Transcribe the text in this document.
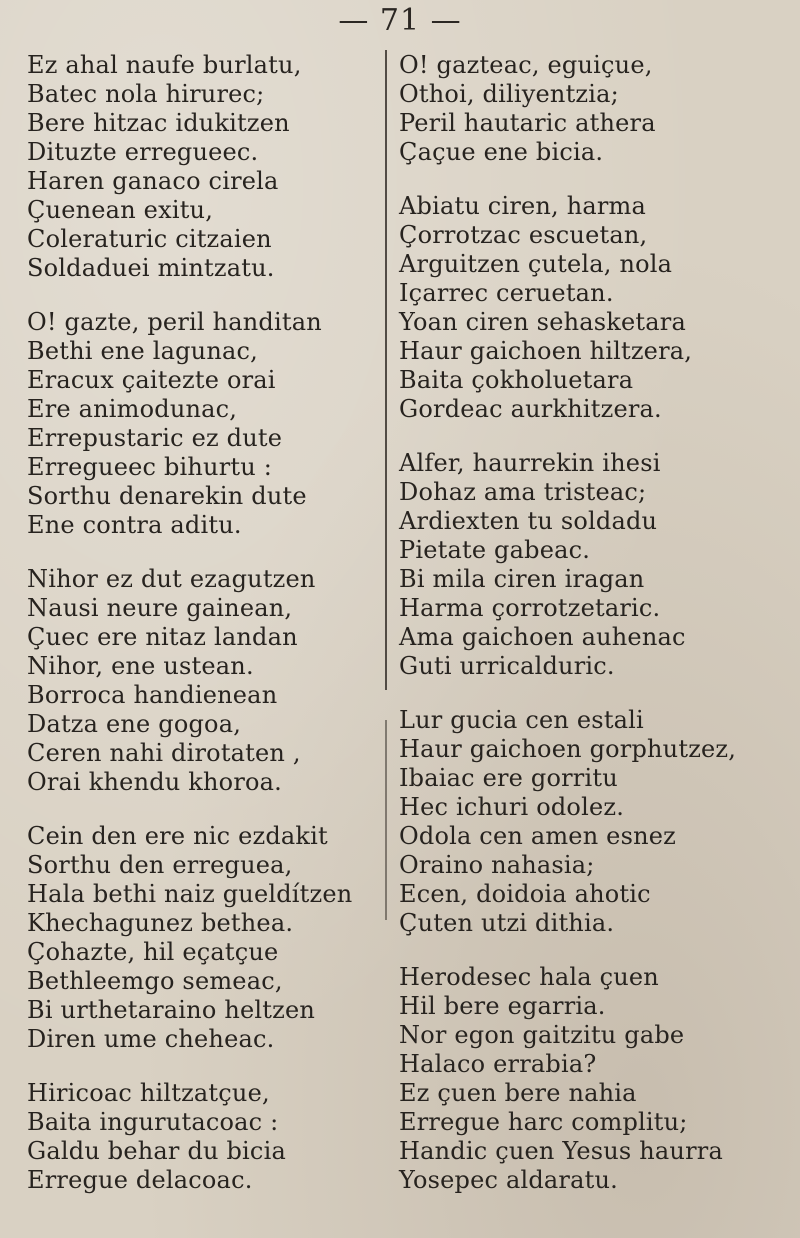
— 71 —
Ez ahal naufe burlatu,
Batec nola hirurec;
Bere hitzac idukitzen
Dituzte erregueec.
Haren ganaco cirela
Çuenean exitu,
Coleraturic citzaien
Soldaduei mintzatu.
O! gazte, peril handitan
Bethi ene lagunac,
Eracux çaitezte orai
Ere animodunac,
Errepustaric ez dute
Erregueec bihurtu :
Sorthu denarekin dute
Ene contra aditu.
Nihor ez dut ezagutzen
Nausi neure gainean,
Çuec ere nitaz landan
Nihor, ene ustean.
Borroca handienean
Datza ene gogoa,
Ceren nahi dirotaten ,
Orai khendu khoroa.
Cein den ere nic ezdakit
Sorthu den erreguea,
Hala bethi naiz gueldítzen
Khechagunez bethea.
Çohazte, hil eçatçue
Bethleemgo semeac,
Bi urthetaraino heltzen
Diren ume cheheac.
Hiricoac hiltzatçue,
Baita ingurutacoac :
Galdu behar du bicia
Erregue delacoac.
O! gazteac, eguiçue,
Othoi, diliyentzia;
Peril hautaric athera
Çaçue ene bicia.
Abiatu ciren, harma
Çorrotzac escuetan,
Arguitzen çutela, nola
Içarrec ceruetan.
Yoan ciren sehasketara
Haur gaichoen hiltzera,
Baita çokholuetara
Gordeac aurkhitzera.
Alfer, haurrekin ihesi
Dohaz ama tristeac;
Ardiexten tu soldadu
Pietate gabeac.
Bi mila ciren iragan
Harma çorrotzetaric.
Ama gaichoen auhenac
Guti urricalduric.
Lur gucia cen estali
Haur gaichoen gorphutzez,
Ibaiac ere gorritu
Hec ichuri odolez.
Odola cen amen esnez
Oraino nahasia;
Ecen, doidoia ahotic
Çuten utzi dithia.
Herodesec hala çuen
Hil bere egarria.
Nor egon gaitzitu gabe
Halaco errabia?
Ez çuen bere nahia
Erregue harc complitu;
Handic çuen Yesus haurra
Yosepec aldaratu.
